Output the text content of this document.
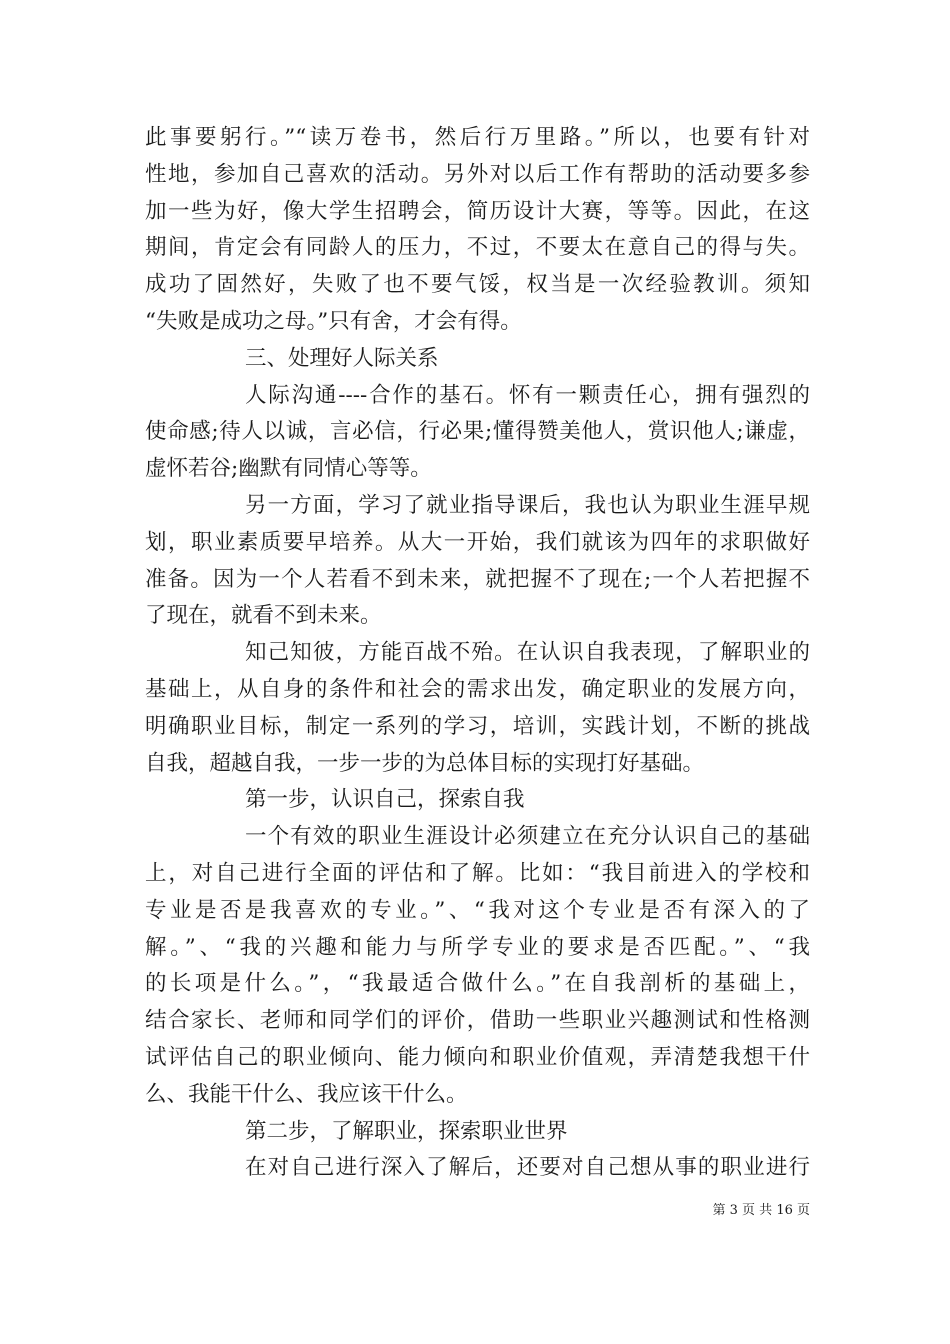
此事要躬行。”“读万卷书，然后行万里路。”所以，也要有针对
性地，参加自己喜欢的活动。另外对以后工作有帮助的活动要多参
加一些为好，像大学生招聘会，简历设计大赛，等等。因此，在这
期间，肯定会有同龄人的压力，不过，不要太在意自己的得与失。
成功了固然好，失败了也不要气馁，权当是一次经验教训。须知
“失败是成功之母。”只有舍，才会有得。
三、处理好人际关系
人际沟通----合作的基石。怀有一颗责任心，拥有强烈的
使命感;待人以诚，言必信，行必果;懂得赞美他人，赏识他人;谦虚，
虚怀若谷;幽默有同情心等等。
另一方面，学习了就业指导课后，我也认为职业生涯早规
划，职业素质要早培养。从大一开始，我们就该为四年的求职做好
准备。因为一个人若看不到未来，就把握不了现在;一个人若把握不
了现在，就看不到未来。
知己知彼，方能百战不殆。在认识自我表现，了解职业的
基础上，从自身的条件和社会的需求出发，确定职业的发展方向，
明确职业目标，制定一系列的学习，培训，实践计划，不断的挑战
自我，超越自我，一步一步的为总体目标的实现打好基础。
第一步，认识自己，探索自我
一个有效的职业生涯设计必须建立在充分认识自己的基础
上，对自己进行全面的评估和了解。比如：“我目前进入的学校和
专业是否是我喜欢的专业。”、“我对这个专业是否有深入的了
解。”、“我的兴趣和能力与所学专业的要求是否匹配。”、“我
的长项是什么。”，“我最适合做什么。”在自我剖析的基础上，
结合家长、老师和同学们的评价，借助一些职业兴趣测试和性格测
试评估自己的职业倾向、能力倾向和职业价值观，弄清楚我想干什
么、我能干什么、我应该干什么。
第二步，了解职业，探索职业世界
在对自己进行深入了解后，还要对自己想从事的职业进行
第 3 页 共 16 页
